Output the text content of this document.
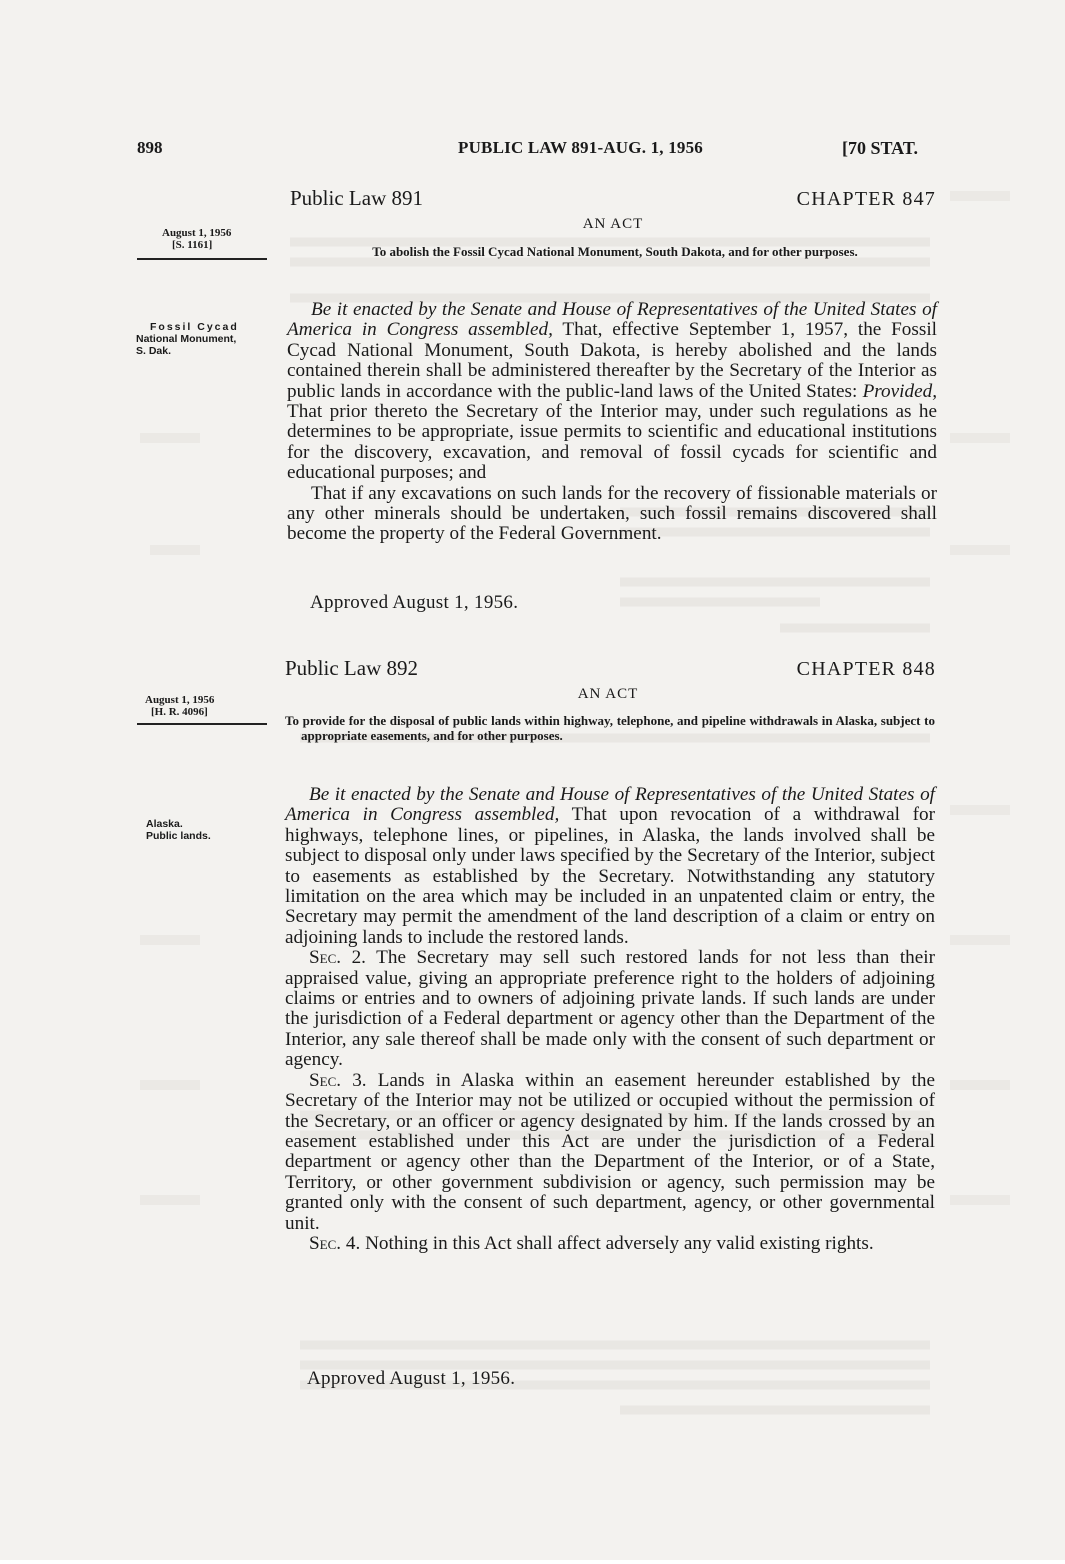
898	PUBLIC LAW 891-AUG. 1, 1956	[70 STAT.
Public Law 891	CHAPTER 847
AN ACT
To abolish the Fossil Cycad National Monument, South Dakota, and for other purposes.
August 1, 1956
[S. 1161]
Fossil Cycad
National Monument,
S. Dak.

Be it enacted by the Senate and House of Representatives of the United States of America in Congress assembled, That, effective September 1, 1957, the Fossil Cycad National Monument, South Dakota, is hereby abolished and the lands contained therein shall be administered thereafter by the Secretary of the Interior as public lands in accordance with the public-land laws of the United States: Provided, That prior thereto the Secretary of the Interior may, under such regulations as he determines to be appropriate, issue permits to scientific and educational institutions for the discovery, excavation, and removal of fossil cycads for scientific and educational purposes; and

That if any excavations on such lands for the recovery of fissionable materials or any other minerals should be undertaken, such fossil remains discovered shall become the property of the Federal Government.

Approved August 1, 1956.
Public Law 892	CHAPTER 848
AN ACT
To provide for the disposal of public lands within highway, telephone, and pipeline withdrawals in Alaska, subject to appropriate easements, and for other purposes.
August 1, 1956
[H. R. 4096]
Alaska.
Public lands.

Be it enacted by the Senate and House of Representatives of the United States of America in Congress assembled, That upon revocation of a withdrawal for highways, telephone lines, or pipelines, in Alaska, the lands involved shall be subject to disposal only under laws specified by the Secretary of the Interior, subject to easements as established by the Secretary. Notwithstanding any statutory limitation on the area which may be included in an unpatented claim or entry, the Secretary may permit the amendment of the land description of a claim or entry on adjoining lands to include the restored lands.

Sec. 2. The Secretary may sell such restored lands for not less than their appraised value, giving an appropriate preference right to the holders of adjoining claims or entries and to owners of adjoining private lands. If such lands are under the jurisdiction of a Federal department or agency other than the Department of the Interior, any sale thereof shall be made only with the consent of such department or agency.

Sec. 3. Lands in Alaska within an easement hereunder established by the Secretary of the Interior may not be utilized or occupied without the permission of the Secretary, or an officer or agency designated by him. If the lands crossed by an easement established under this Act are under the jurisdiction of a Federal department or agency other than the Department of the Interior, or of a State, Territory, or other government subdivision or agency, such permission may be granted only with the consent of such department, agency, or other governmental unit.

Sec. 4. Nothing in this Act shall affect adversely any valid existing rights.

Approved August 1, 1956.
